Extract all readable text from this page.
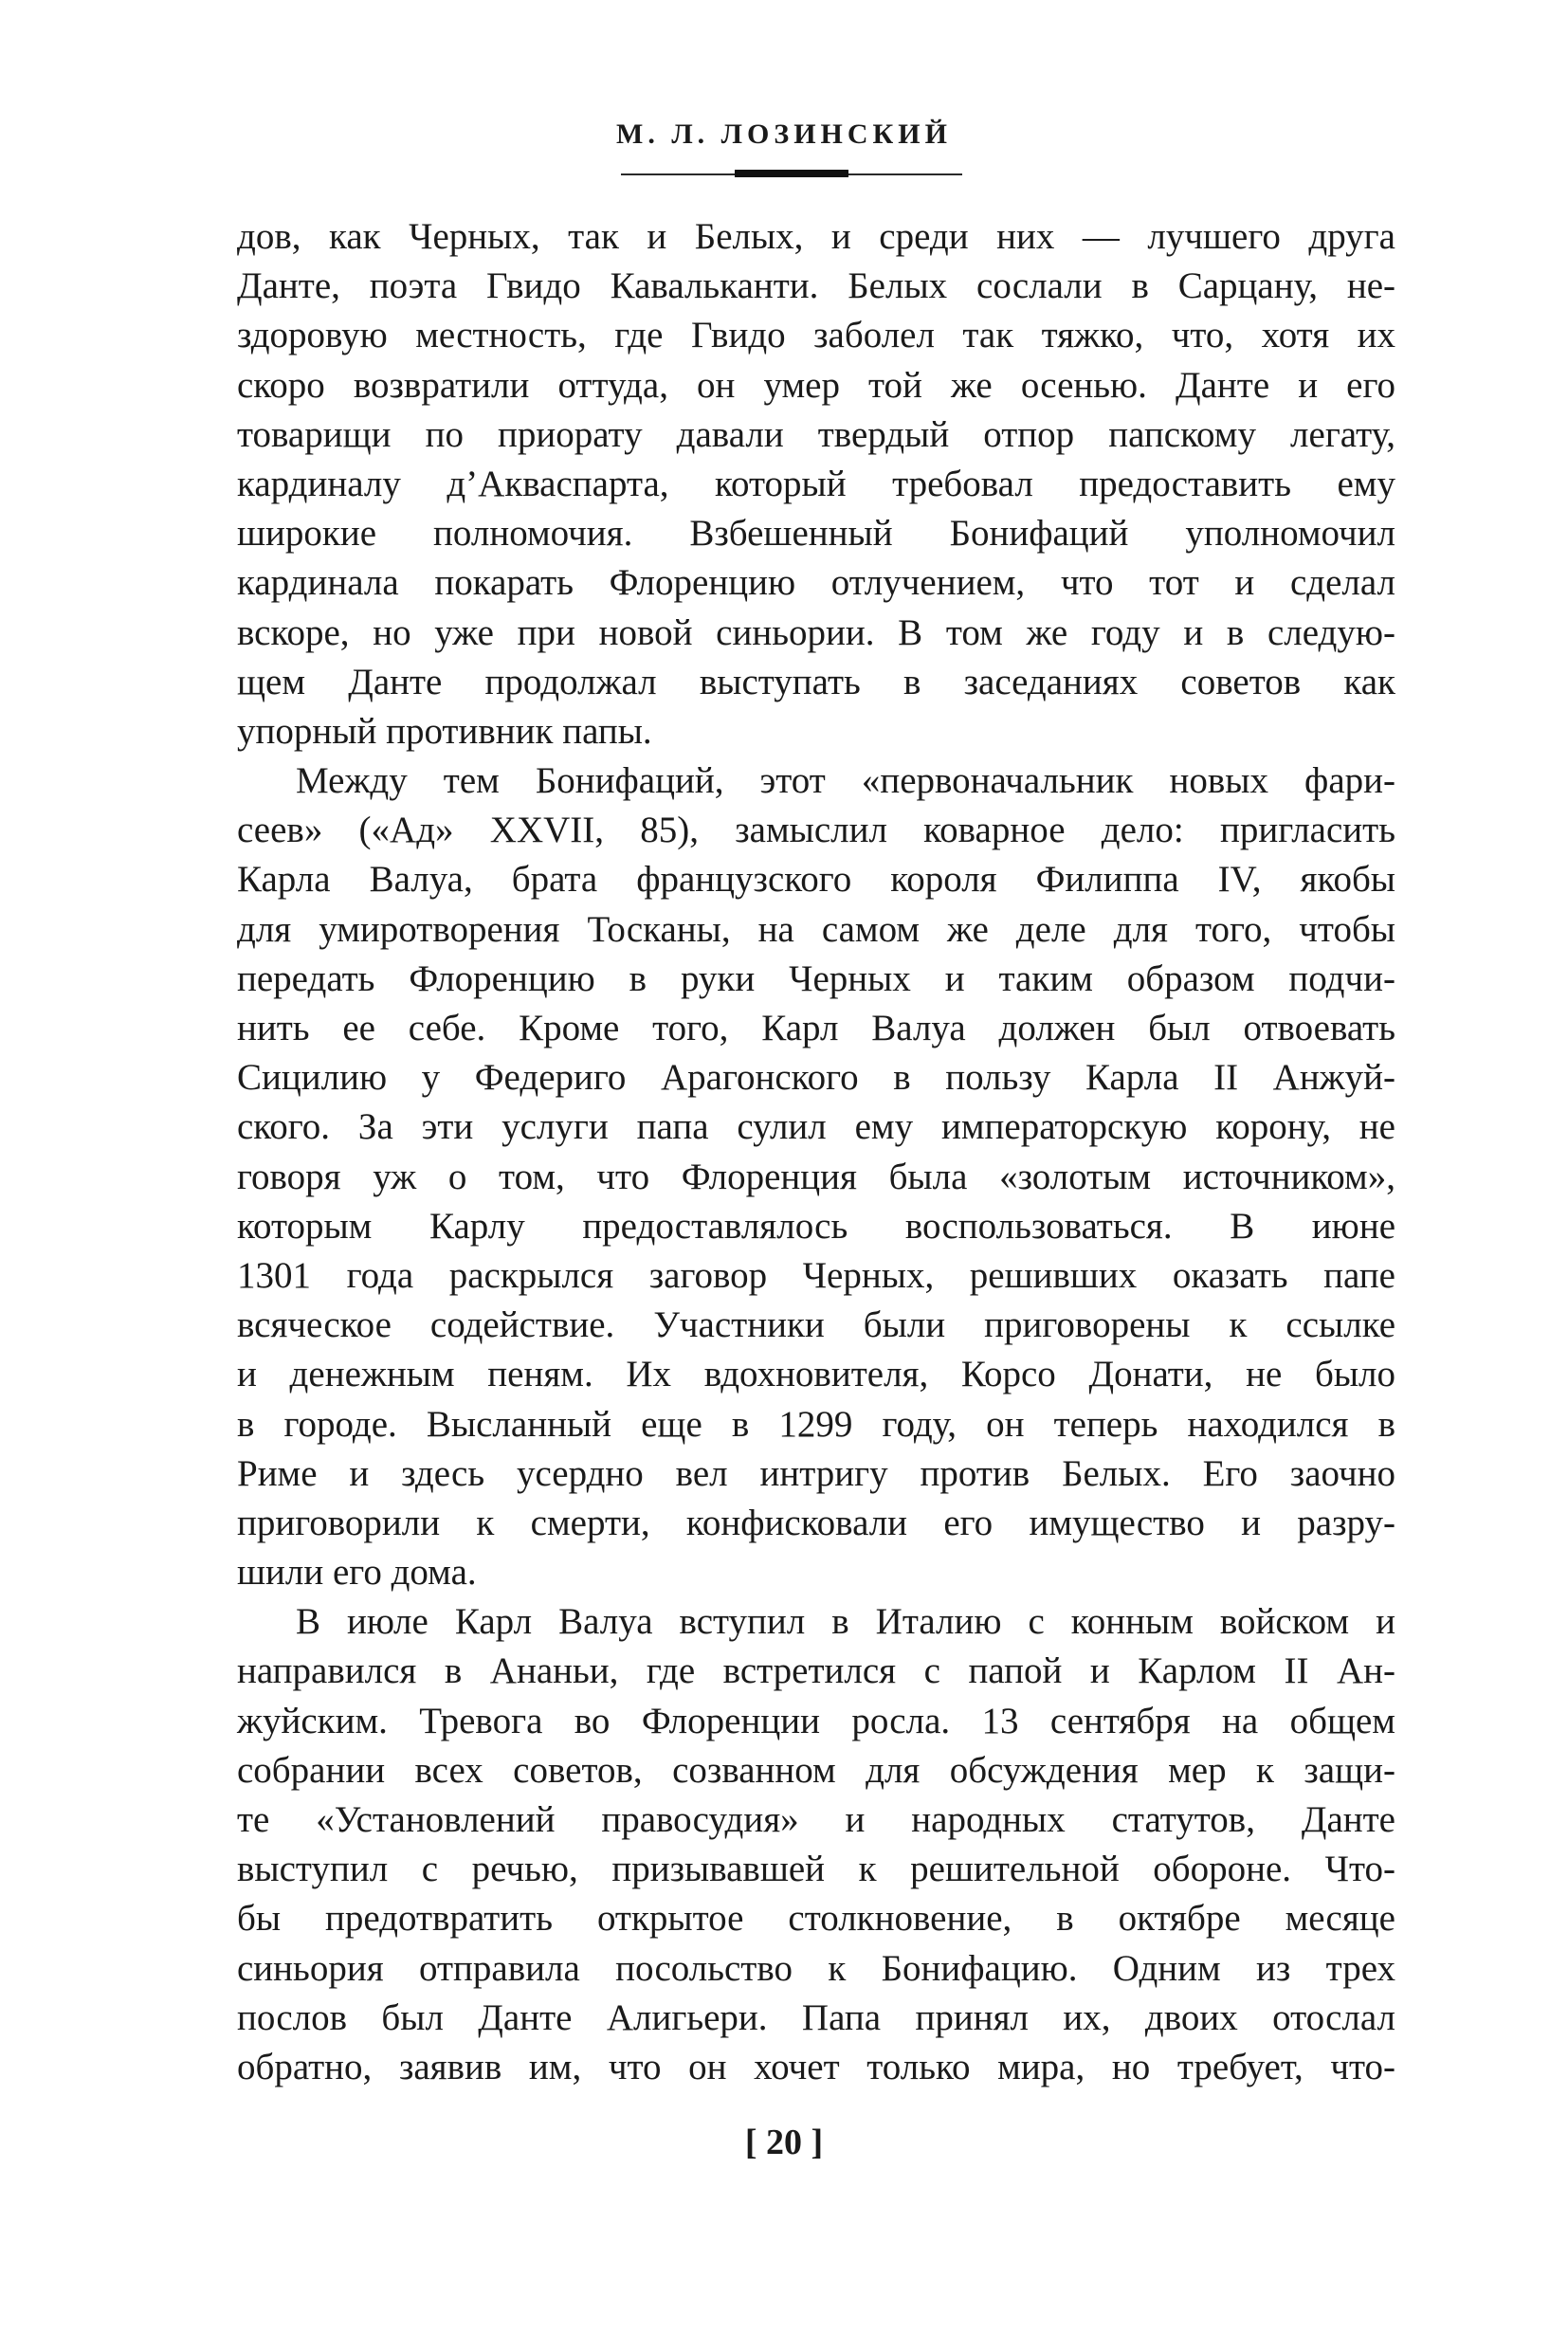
М. Л. ЛОЗИНСКИЙ
дов, как Черных, так и Белых, и среди них — лучшего друга
Данте, поэта Гвидо Кавальканти. Белых сослали в Сарцану, не-
здоровую местность, где Гвидо заболел так тяжко, что, хотя их
скоро возвратили оттуда, он умер той же осенью. Данте и его
товарищи по приорату давали твердый отпор папскому легату,
кардиналу д’Акваспарта, который требовал предоставить ему
широкие полномочия. Взбешенный Бонифаций уполномочил
кардинала покарать Флоренцию отлучением, что тот и сделал
вскоре, но уже при новой синьории. В том же году и в следую-
щем Данте продолжал выступать в заседаниях советов как
упорный противник папы.
Между тем Бонифаций, этот «первоначальник новых фари-
сеев» («Ад» XXVII, 85), замыслил коварное дело: пригласить
Карла Валуа, брата французского короля Филиппа IV, якобы
для умиротворения Тосканы, на самом же деле для того, чтобы
передать Флоренцию в руки Черных и таким образом подчи-
нить ее себе. Кроме того, Карл Валуа должен был отвоевать
Сицилию у Федериго Арагонского в пользу Карла II Анжуй-
ского. За эти услуги папа сулил ему императорскую корону, не
говоря уж о том, что Флоренция была «золотым источником»,
которым Карлу предоставлялось воспользоваться. В июне
1301 года раскрылся заговор Черных, решивших оказать папе
всяческое содействие. Участники были приговорены к ссылке
и денежным пеням. Их вдохновителя, Корсо Донати, не было
в городе. Высланный еще в 1299 году, он теперь находился в
Риме и здесь усердно вел интригу против Белых. Его заочно
приговорили к смерти, конфисковали его имущество и разру-
шили его дома.
В июле Карл Валуа вступил в Италию с конным войском и
направился в Ананьи, где встретился с папой и Карлом II Ан-
жуйским. Тревога во Флоренции росла. 13 сентября на общем
собрании всех советов, созванном для обсуждения мер к защи-
те «Установлений правосудия» и народных статутов, Данте
выступил с речью, призывавшей к решительной обороне. Что-
бы предотвратить открытое столкновение, в октябре месяце
синьория отправила посольство к Бонифацию. Одним из трех
послов был Данте Алигьери. Папа принял их, двоих отослал
обратно, заявив им, что он хочет только мира, но требует, что-
[ 20 ]
